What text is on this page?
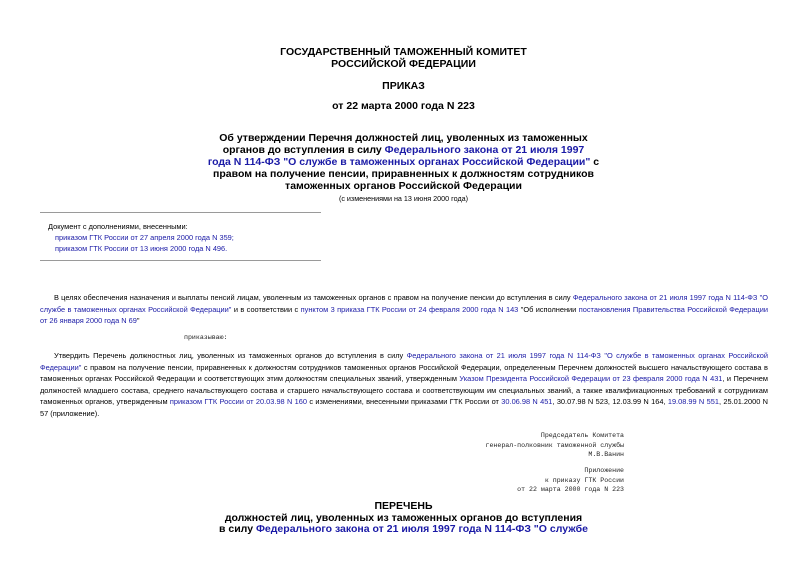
ГОСУДАРСТВЕННЫЙ ТАМОЖЕННЫЙ КОМИТЕТ
РОССИЙСКОЙ ФЕДЕРАЦИИ
ПРИКАЗ
от 22 марта 2000 года N 223
Об утверждении Перечня должностей лиц, уволенных из таможенных
органов до вступления в силу Федерального закона от 21 июля 1997
года N 114-ФЗ "О службе в таможенных органах Российской Федерации" с
правом на получение пенсии, приравненных к должностям сотрудников
таможенных органов Российской Федерации
(с изменениями на 13 июня 2000 года)
Документ с дополнениями, внесенными:
приказом ГТК России от 27 апреля 2000 года N 359;
приказом ГТК России от 13 июня 2000 года N 496.
В целях обеспечения назначения и выплаты пенсий лицам, уволенным из таможенных органов с правом на получение пенсии до вступления в силу Федерального закона от 21 июля 1997 года N 114-ФЗ "О службе в таможенных органах Российской Федерации" и в соответствии с пунктом 3 приказа ГТК России от 24 февраля 2000 года N 143 "Об исполнении постановления Правительства Российской Федерации от 26 января 2000 года N 69"
приказываю:
Утвердить Перечень должностных лиц, уволенных из таможенных органов до вступления в силу Федерального закона от 21 июля 1997 года N 114-ФЗ "О службе в таможенных органах Российской Федерации" с правом на получение пенсии, приравненных к должностям сотрудников таможенных органов Российской Федерации, определенным Перечнем должностей высшего начальствующего состава в таможенных органах Российской Федерации и соответствующих этим должностям специальных званий, утвержденным Указом Президента Российской Федерации от 23 февраля 2000 года N 431, и Перечнем должностей младшего состава, среднего начальствующего состава и старшего начальствующего состава и соответствующим им специальных званий, а также квалификационных требований к сотрудникам таможенных органов, утвержденным приказом ГТК России от 20.03.98 N 160 с изменениями, внесенными приказами ГТК России от 30.06.98 N 451, 30.07.98 N 523, 12.03.99 N 164, 19.08.99 N 551, 25.01.2000 N 57 (приложение).
Председатель Комитета
генерал-полковник таможенной службы
М.В.Ванин
Приложение
к приказу ГТК России
от 22 марта 2000 года N 223
ПЕРЕЧЕНЬ
должностей лиц, уволенных из таможенных органов до вступления
в силу Федерального закона от 21 июля 1997 года N 114-ФЗ "О службе
